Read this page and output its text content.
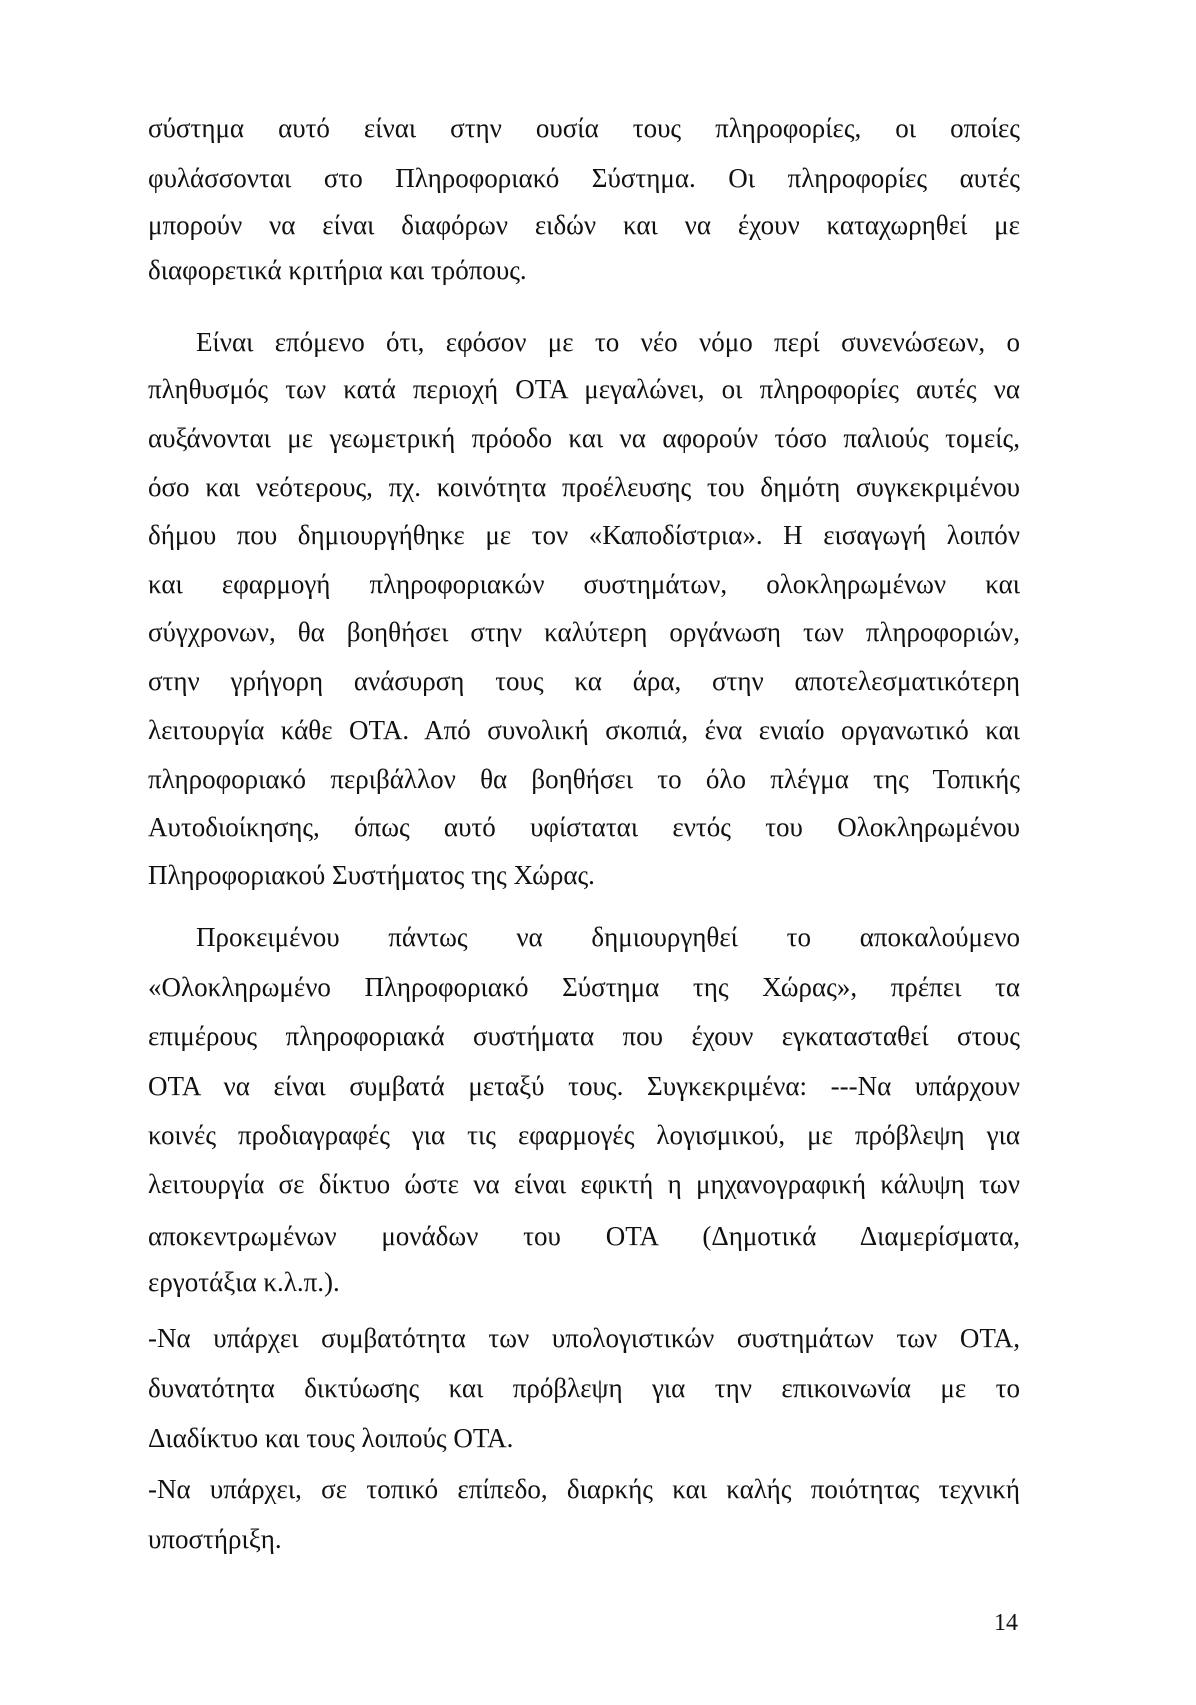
σύστημα αυτό είναι στην ουσία τους πληροφορίες, οι οποίες
φυλάσσονται στο Πληροφοριακό Σύστημα. Οι πληροφορίες αυτές
μπορούν να είναι διαφόρων ειδών και να έχουν καταχωρηθεί με
διαφορετικά κριτήρια και τρόπους.
Είναι επόμενο ότι, εφόσον με το νέο νόμο περί συνενώσεων, ο
πληθυσμός των κατά περιοχή ΟΤΑ μεγαλώνει, οι πληροφορίες αυτές να
αυξάνονται με γεωμετρική πρόοδο και να αφορούν τόσο παλιούς τομείς,
όσο και νεότερους, πχ. κοινότητα προέλευσης του δημότη συγκεκριμένου
δήμου που δημιουργήθηκε με τον «Καποδίστρια». Η εισαγωγή λοιπόν
και εφαρμογή πληροφοριακών συστημάτων, ολοκληρωμένων και
σύγχρονων, θα βοηθήσει στην καλύτερη οργάνωση των πληροφοριών,
στην γρήγορη ανάσυρση τους κα άρα, στην αποτελεσματικότερη
λειτουργία κάθε ΟΤΑ. Από συνολική σκοπιά, ένα ενιαίο οργανωτικό και
πληροφοριακό περιβάλλον θα βοηθήσει το όλο πλέγμα της Τοπικής
Αυτοδιοίκησης, όπως αυτό υφίσταται εντός του Ολοκληρωμένου
Πληροφοριακού Συστήματος της Χώρας.
Προκειμένου πάντως να δημιουργηθεί το αποκαλούμενο
«Ολοκληρωμένο Πληροφοριακό Σύστημα της Χώρας», πρέπει τα
επιμέρους πληροφοριακά συστήματα που έχουν εγκατασταθεί στους
ΟΤΑ να είναι συμβατά μεταξύ τους. Συγκεκριμένα: ---Να υπάρχουν
κοινές προδιαγραφές για τις εφαρμογές λογισμικού, με πρόβλεψη για
λειτουργία σε δίκτυο ώστε να είναι εφικτή η μηχανογραφική κάλυψη των
αποκεντρωμένων μονάδων του ΟΤΑ (Δημοτικά Διαμερίσματα,
εργοτάξια κ.λ.π.).
-Να υπάρχει συμβατότητα των υπολογιστικών συστημάτων των ΟΤΑ,
δυνατότητα δικτύωσης και πρόβλεψη για την επικοινωνία με το
Διαδίκτυο και τους λοιπούς ΟΤΑ.
-Να υπάρχει, σε τοπικό επίπεδο, διαρκής και καλής ποιότητας τεχνική
υποστήριξη.
14
